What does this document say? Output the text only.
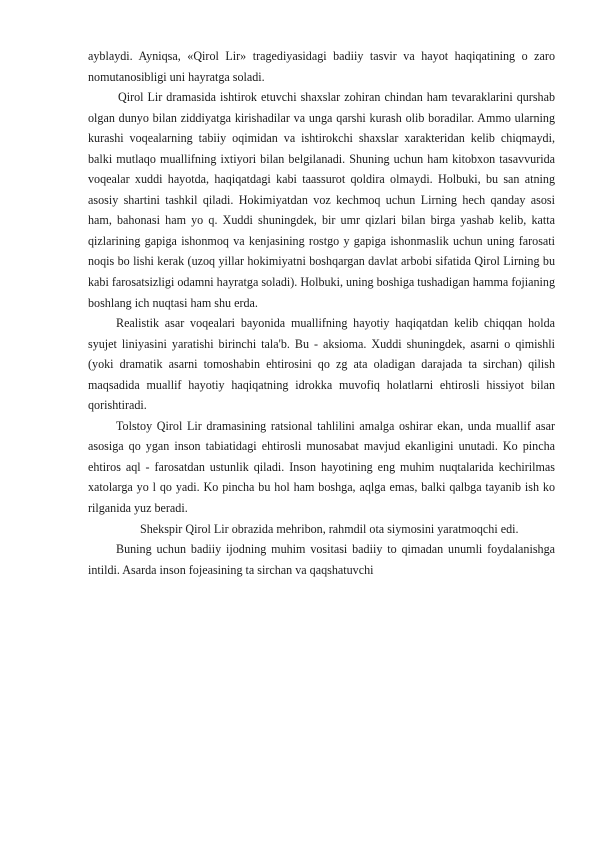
ayblaydi. Ayniqsa, «Qirol Lir» tragediyasidagi badiiy tasvir va hayot haqiqatining o zaro nomutanosibligi uni hayratga soladi.

Qirol Lir dramasida ishtirok etuvchi shaxslar zohiran chindan ham tevaraklarini qurshab olgan dunyo bilan ziddiyatga kirishadilar va unga qarshi kurash olib boradilar. Ammo ularning kurashi voqealarning tabiiy oqimidan va ishtirokchi shaxslar xarakteridan kelib chiqmaydi, balki mutlaqo muallifning ixtiyori bilan belgilanadi. Shuning uchun ham kitobxon tasavvurida voqealar xuddi hayotda, haqiqatdagi kabi taassurot qoldira olmaydi. Holbuki, bu san atning asosiy shartini tashkil qiladi. Hokimiyatdan voz kechmoq uchun Lirning hech qanday asosi ham, bahonasi ham yo q. Xuddi shuningdek, bir umr qizlari bilan birga yashab kelib, katta qizlarining gapiga ishonmoq va kenjasining rostgo y gapiga ishonmaslik uchun uning farosati noqis bo lishi kerak (uzoq yillar hokimiyatni boshqargan davlat arbobi sifatida Qirol Lirning bu kabi farosatsizligi odamni hayratga soladi). Holbuki, uning boshiga tushadigan hamma fojianing boshlang ich nuqtasi ham shu erda.

Realistik asar voqealari bayonida muallifning hayotiy haqiqatdan kelib chiqqan holda syujet liniyasini yaratishi birinchi tala'b. Bu - aksioma. Xuddi shuningdek, asarni o qimishli (yoki dramatik asarni tomoshabin ehtirosini qo zg ata oladigan darajada ta sirchan) qilish maqsadida muallif hayotiy haqiqatning idrokka muvofiq holatlarni ehtirosli hissiyot bilan qorishtiradi.

Tolstoy Qirol Lir dramasining ratsional tahlilini amalga oshirar ekan, unda muallif asar asosiga qo ygan inson tabiatidagi ehtirosli munosabat mavjud ekanligini unutadi. Ko pincha ehtiros aql - farosatdan ustunlik qiladi. Inson hayotining eng muhim nuqtalarida kechirilmas xatolarga yo l qo yadi. Ko pincha bu hol ham boshga, aqlga emas, balki qalbga tayanib ish ko rilganida yuz beradi.

Shekspir Qirol Lir obrazida mehribon, rahmdil ota siymosini yaratmoqchi edi.

Buning uchun badiiy ijodning muhim vositasi badiiy to qimadan unumli foydalanishga intildi. Asarda inson fojeasining ta sirchan va qaqshatuvchi
